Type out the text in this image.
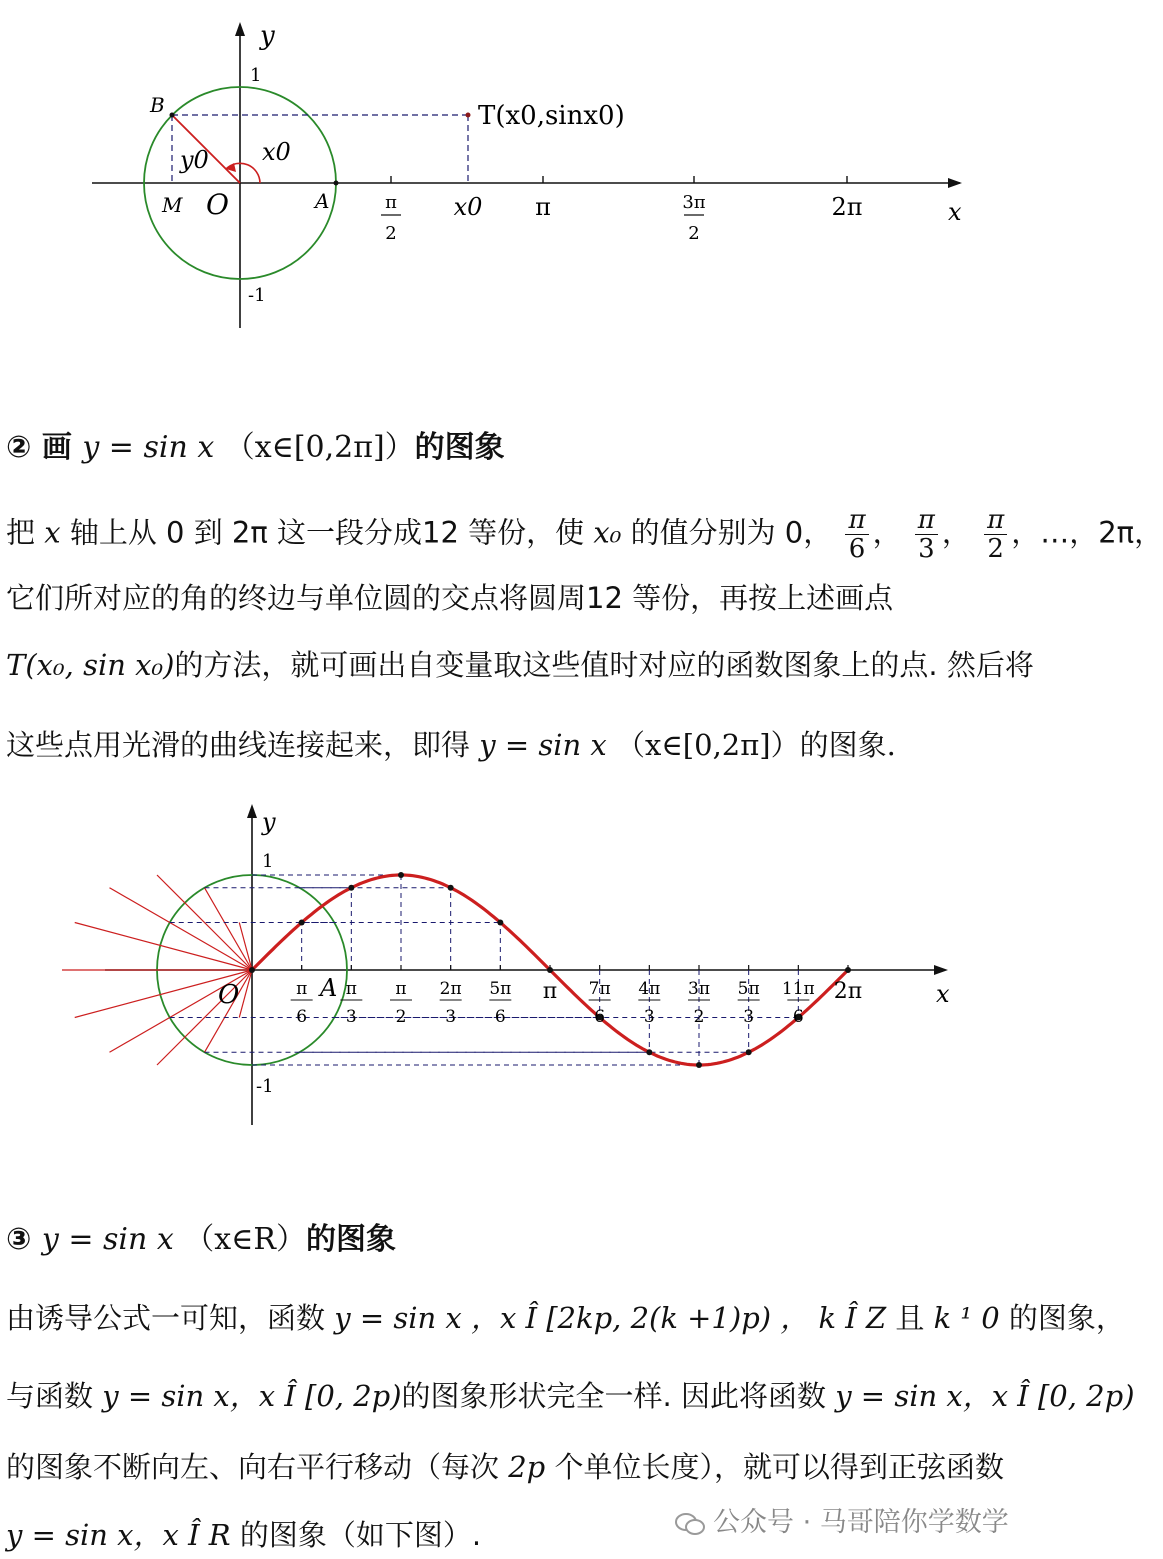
y
1
-1
B
M O	A
y0 x0
T(x0,sinx0)
π
2
x0 π	3π
2
2π	x
② 画 y = sin x （x∈[0,2π]）的图象
把 x 轴上从 0 到 2π 这一段分成12 等份，使 x₀ 的值分别为 0， $\frac{\pi}{6}$ ， $\frac{\pi}{3}$ ， $\frac{\pi}{2}$ ，…，2π，
它们所对应的角的终边与单位圆的交点将圆周12 等份，再按上述画点
T(x₀, sin x₀)的方法，就可画出自变量取这些值时对应的函数图象上的点. 然后将
这些点用光滑的曲线连接起来，即得 y = sin x （x∈[0,2π]）的图象.
π
6
π
3
π
2
2π
3
5π
6
π 7π
6
4π
3
3π
2
5π
3
11π
6
2π
y
1
-1
O	A	x
③ y = sin x （x∈R）的图象
由诱导公式一可知，函数 y = sin x ，x Î [2kp, 2(k +1)p) ， k Î Z 且 k ¹ 0 的图象，
与函数 y = sin x，x Î [0, 2p)的图象形状完全一样. 因此将函数 y = sin x，x Î [0, 2p)
的图象不断向左、向右平行移动（每次 2p 个单位长度），就可以得到正弦函数
y = sin x，x Î R 的图象（如下图）.	公众号 · 马哥陪你学数学
